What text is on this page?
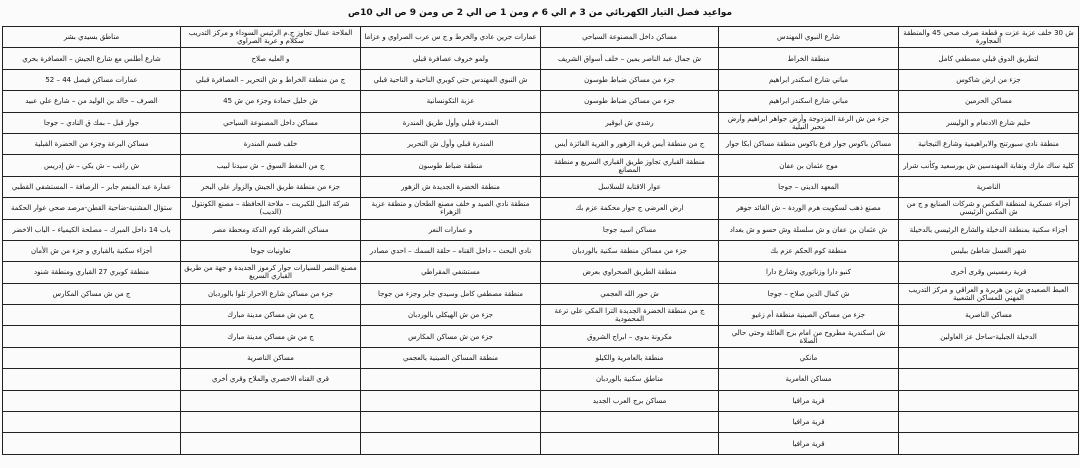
مواعيد فصل التيار الكهربائي من 3 م الي 6 م ومن 1 ص الي 2 ص ومن 9 ص الي 10ص
ش 30 خلف عزبة عزت و قطعة صرف صحي 45 والمنطقة المجاورة	شارع النبوي المهندس	مساكن داخل المصنوعة السياحي	عمارات جرين عادي والخرط و ج س عرب الصراوي و عزاما	الملاحة عمال تجاوز ج.م الرئيس السوداء و مركز التدريب سكلام و عربة الصراوي	مناطق بسيدي بشر
لتطريق الدوق قبلي مصطفي كامل	منطقة الخراط	ش جمال عبد الناصر يمين – خلف أسواق الشريف	ولمو خروف عصافرة قبلي	و العليه صلاح	شارع أطلس مع شارع الجيش – العصافرة بحري
جزء من ارض شاكوس	مباني شارع اسكندر ابراهيم	جزء من مساكن ضباط طوسون	ش النبوي المهندس حتي كوبري الناحية و الناحية قبلي	ج من منطقة الخراط و ش التحرير – العصافرة قبلي	عمارات مساكن فيصل 44 – 52
مساكن الحرمين	مباني شارع اسكندر ابراهيم	جزء من مساكن ضباط طوسون	عزبة التكونسانية	ش خليل حمادة وجزء من ش 45	الصرف – خالد بن الوليد من – شارع علي عبيد
حليم شارع الادنعام و الوليسر	جزء من ش الرعة المزدوجة وأرض جواهر ابراهيم وأرض محبر النيلية	رشدي ش ابوقير	المندرة قبلي وأول طريق المندرة	مساكن داخل المصنوعة السياحي	جوار قبل – بمك ق النادي – جوجا
منطقة نادي سبورتنج والابراهيمية وشارع التيجانية	مساكن باكوس جوار فرع باكوس منطقة مساكن ابكا جوار	ج من منطقة أيس قرية الزهور و القرية الفائزة أيس	المندرة قبلي وأول ش التحرير	خلف قسم المندرة	مساكن البرعة وجزء من الحضرة القبلية
كلية ساك مارك ونقابة المهندسين ش بورسعيد وكأنب شرار	موج عثمان بن عفان	منطقة القباري تجاوز طريق القباري السريع و منطقة المصانع	منطقة ضباط طوسون	ج من المغط السوق – ش سيدنا لبيب	ش راغب – ش بكي – ش إدريس
الناصرية	المعهد الديني – جوجا	عوار الاقتابة للسلاسل	منطقة الخضرة الجديدة ش الزهور	جزء من منطقة طريق الجيش والزوار علي البحر	عمارة عبد المنعم جابر – الرصافة – المستشفي القطبي
أجزاء عسكرية لمنطقة المكس و شركات الصنايع و ج من ش المكس الرئيسي	مصنع ذهب لسكويت هرم الوردة – ش القائد جوهر	ارض العرضي ج جوار محكمة عزم بك	منطقة نادي الصيد و خلف مصنع الطحان و منطقة عزبة الزهراء	شركة النيل للكبريت – ملاحة الحافظة – مصنع الكونتول (الديب)	ستؤال المشنية-ضاحية القطن-مرصد صحي عوار الحكمة
أجزاء سكنية بمنطقة الدخيلة والشارع الرئيسي بالدخيلة	ش عثمان بن عفان و ش سلسلة وش حسو و ش بغداد	مساكن اسيد جوجا	و عمارات النعر	مساكن الشرطة كوم الدكة ومحطة مصر	باب 14 داخل المبرك – مصلحة الكيمياء – الباب الاخضر
شهر العسل شاطئ بيليس	منطقة كوم الحكم عزم بك	جزء من مساكن منطقة سكنية بالوردبان	نادي البحث – داخل القناه – حلقة السمك – احدي مصادر	تعاونيات جوجا	أجزاء سكنية بالقباري و جزء من ش الأمان
قرية رمسيس وقرى أخرى	كنبو دارا وزناتوري وشارع دارا	منطقة الطريق الصحراوي بعرض	مستشفي المقراطي	مصنع النصر للسيارات جوار كرموز الجديدة و جهة من طريق القباري السريع	منطقة كوبري 27 القباري ومنطقة شنود
العبط الصعيدي ش بن هريرة و العراقي و مركز التدريب المهني للمساكن الشعبية	ش كمال الدين صلاح – جوجا	ش حور الله العجمي	منطقة مصطفي كامل وسيدي جابر وجزء من جوجا	جزء من مساكن شارع الاحرار تلوا بالوردبان	ج من ش مساكن المكارس
مساكن الناصرية	جزء من مساكن الصينية منطقة أم زغيو	ج من منطقة الخضرة الجديدة الترا المكي علي ترعة المحمودية	جزء من ش الهيكلي بالوردبان	ج من ش مساكن مدينة مبارك	
الدخيلة الجبلية-ساحل عز العاولين	ش اسكندرية مطروح من امام برج العائلة وحتي حالي الصلاة	مكرونة بدوي – ابراج الشروق	جزء من ش مساكن المكارس	ج من ش مساكن مدينة مبارك	
	مانكي	منطقة بالعامرية والكيلو	منطقة المساكن الصينية بالعجمي	مساكن الناصرية	
	مساكن العامرية	مناطق سكنية بالوردبان		قري القناه الاخصري والملاح وقري أخري	
	قرية مرافيا	مساكن برج العرب الجديد			
	قرية مرافيا				
	قرية مرافيا				
